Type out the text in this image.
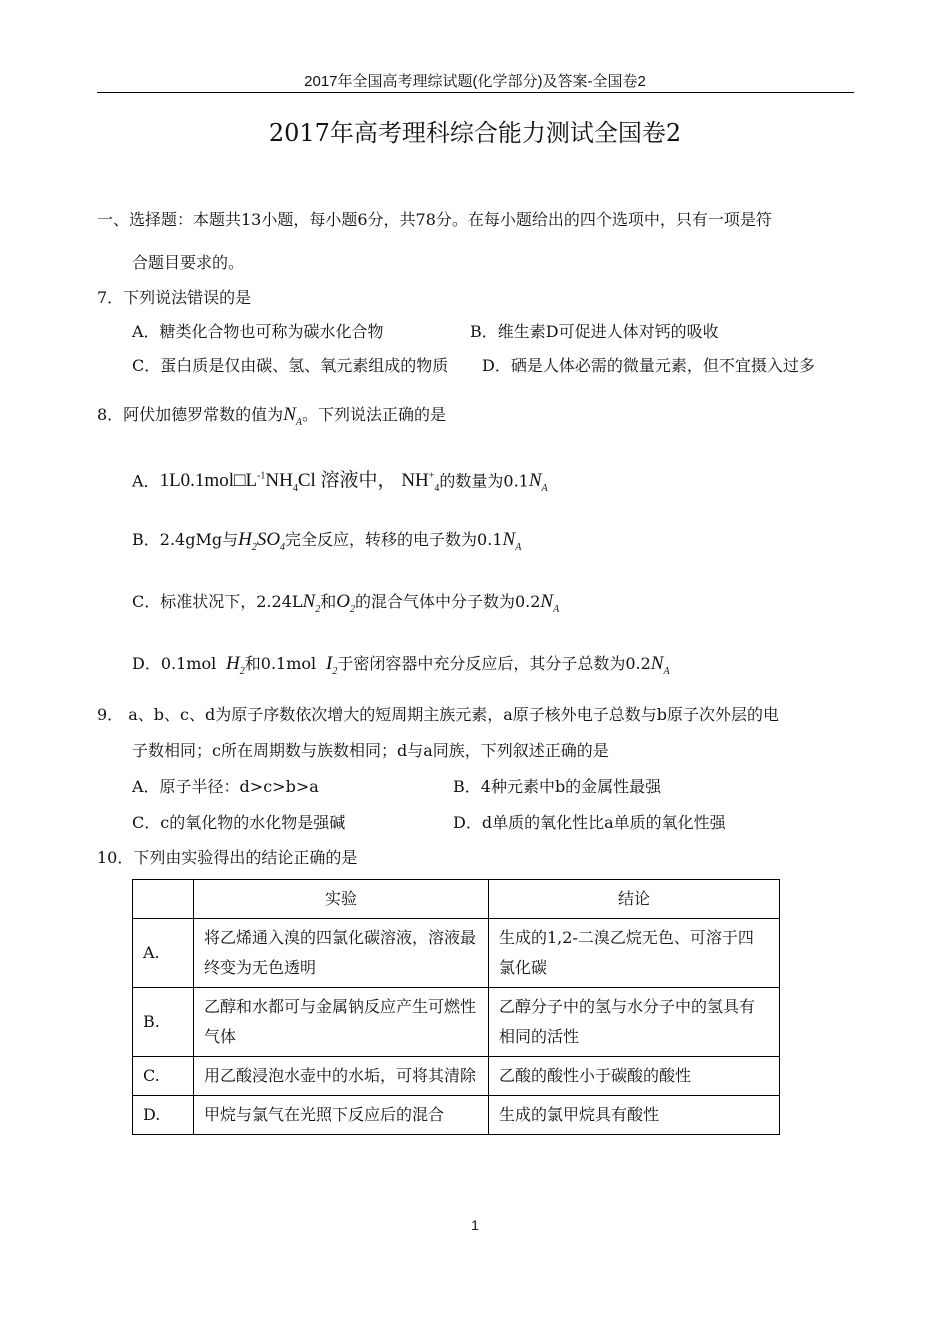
2017年全国高考理综试题(化学部分)及答案-全国卷2
2017年高考理科综合能力测试全国卷2
一、选择题：本题共13小题，每小题6分，共78分。在每小题给出的四个选项中，只有一项是符
合题目要求的。
7．下列说法错误的是
A．糖类化合物也可称为碳水化合物	B．维生素D可促进人体对钙的吸收
C．蛋白质是仅由碳、氢、氧元素组成的物质 D．硒是人体必需的微量元素，但不宜摄入过多
8．阿伏加德罗常数的值为$N_A$。下列说法正确的是
A．$1L0.1mol□L^{-1}NH_4Cl$ 溶液中， $NH^+_4$的数量为$0.1N_A$
B．2.4gMg与$H_2SO_4$完全反应，转移的电子数为$0.1N_A$
C．标准状况下，$2.24LN_2$和$O_2$的混合气体中分子数为$0.2N_A$
D．0.1mol  $H_2$和0.1mol  $I_2$于密闭容器中充分反应后，其分子总数为$0.2N_A$
9． a、b、c、d为原子序数依次增大的短周期主族元素，a原子核外电子总数与b原子次外层的电
子数相同；c所在周期数与族数相同；d与a同族，下列叙述正确的是
A．原子半径：d>c>b>a	B．4种元素中b的金属性最强
C．c的氧化物的水化物是强碱	D．d单质的氧化性比a单质的氧化性强
10．下列由实验得出的结论正确的是
	实验	结论
A.	将乙烯通入溴的四氯化碳溶液，溶液最终变为无色透明	生成的1,2-二溴乙烷无色、可溶于四氯化碳
B.	乙醇和水都可与金属钠反应产生可燃性气体	乙醇分子中的氢与水分子中的氢具有相同的活性
C.	用乙酸浸泡水壶中的水垢，可将其清除	乙酸的酸性小于碳酸的酸性
D.	甲烷与氯气在光照下反应后的混合	生成的氯甲烷具有酸性
1
